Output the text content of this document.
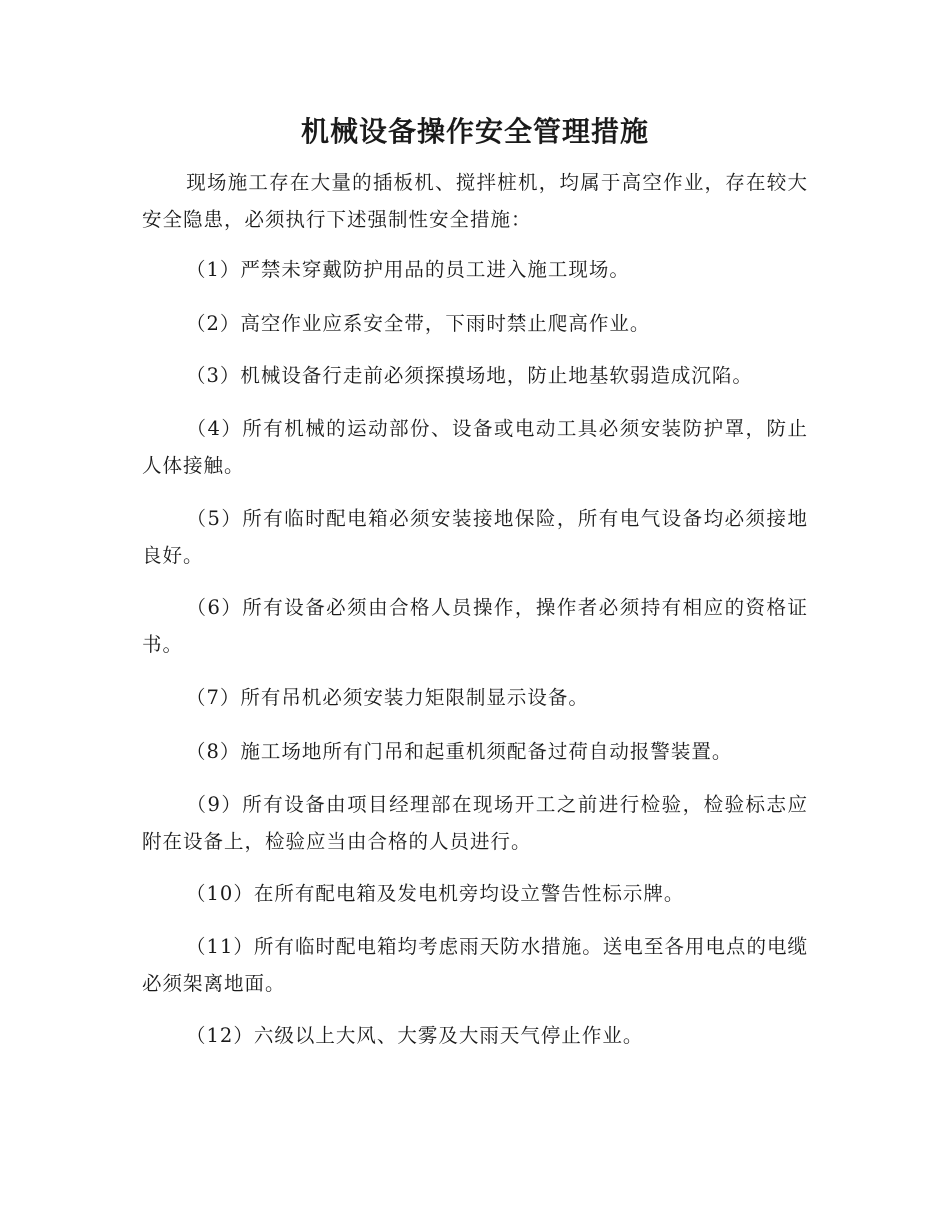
机械设备操作安全管理措施

现场施工存在大量的插板机、搅拌桩机，均属于高空作业，存在较大安全隐患，必须执行下述强制性安全措施：

（1）严禁未穿戴防护用品的员工进入施工现场。

（2）高空作业应系安全带，下雨时禁止爬高作业。

（3）机械设备行走前必须探摸场地，防止地基软弱造成沉陷。

（4）所有机械的运动部份、设备或电动工具必须安装防护罩，防止人体接触。

（5）所有临时配电箱必须安装接地保险，所有电气设备均必须接地良好。

（6）所有设备必须由合格人员操作，操作者必须持有相应的资格证书。

（7）所有吊机必须安装力矩限制显示设备。

（8）施工场地所有门吊和起重机须配备过荷自动报警装置。

（9）所有设备由项目经理部在现场开工之前进行检验，检验标志应附在设备上，检验应当由合格的人员进行。

（10）在所有配电箱及发电机旁均设立警告性标示牌。

（11）所有临时配电箱均考虑雨天防水措施。送电至各用电点的电缆必须架离地面。

（12）六级以上大风、大雾及大雨天气停止作业。
